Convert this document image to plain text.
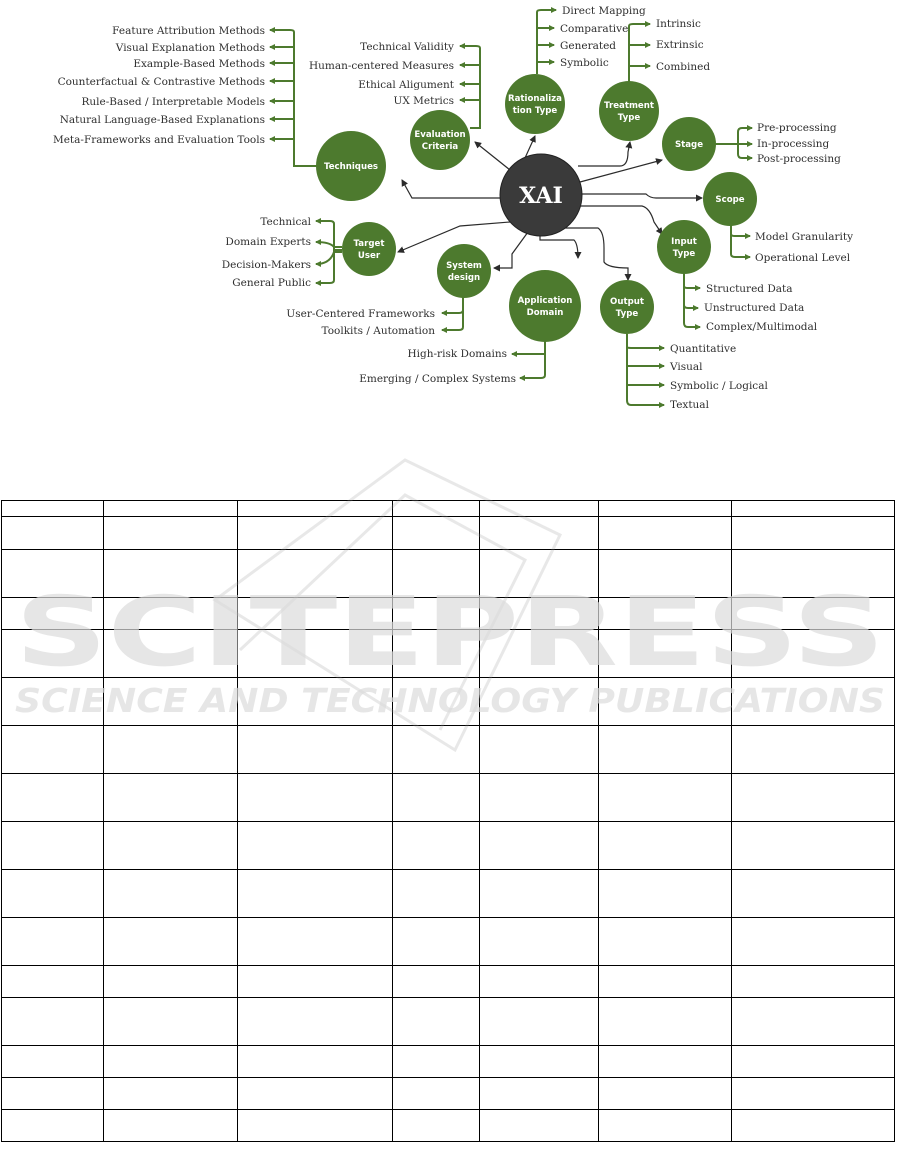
Feature Attribution Methods
Visual Explanation Methods
Example-Based Methods
Counterfactual & Contrastive Methods
Rule-Based / Interpretable Models
Natural Language-Based Explanations
Meta-Frameworks and Evaluation Tools
Techniques
Technical Validity
Human-centered Measures
Ethical Aligument
UX Metrics
Evaluation
Criteria
Direct Mapping
Comparative
Generated
Symbolic
Rationaliza
tion Type
Intrinsic
Extrinsic
Combined
Treatment
Type
Pre-processing
In-processing
Post-processing
Stage
Model Granularity
Operational Level
Scope
Structured Data
Unstructured Data
Complex/Multimodal
Input
Type
Quantitative
Visual
Symbolic / Logical
Textual
Output
Type
High-risk Domains
Emerging / Complex Systems
Application
Domain
User-Centered Frameworks
Toolkits / Automation
System
design
Technical
Domain Experts
Decision-Makers
General Public
Target
User
XAI

SCITEPRESS
SCIENCE AND TECHNOLOGY PUBLICATIONS
